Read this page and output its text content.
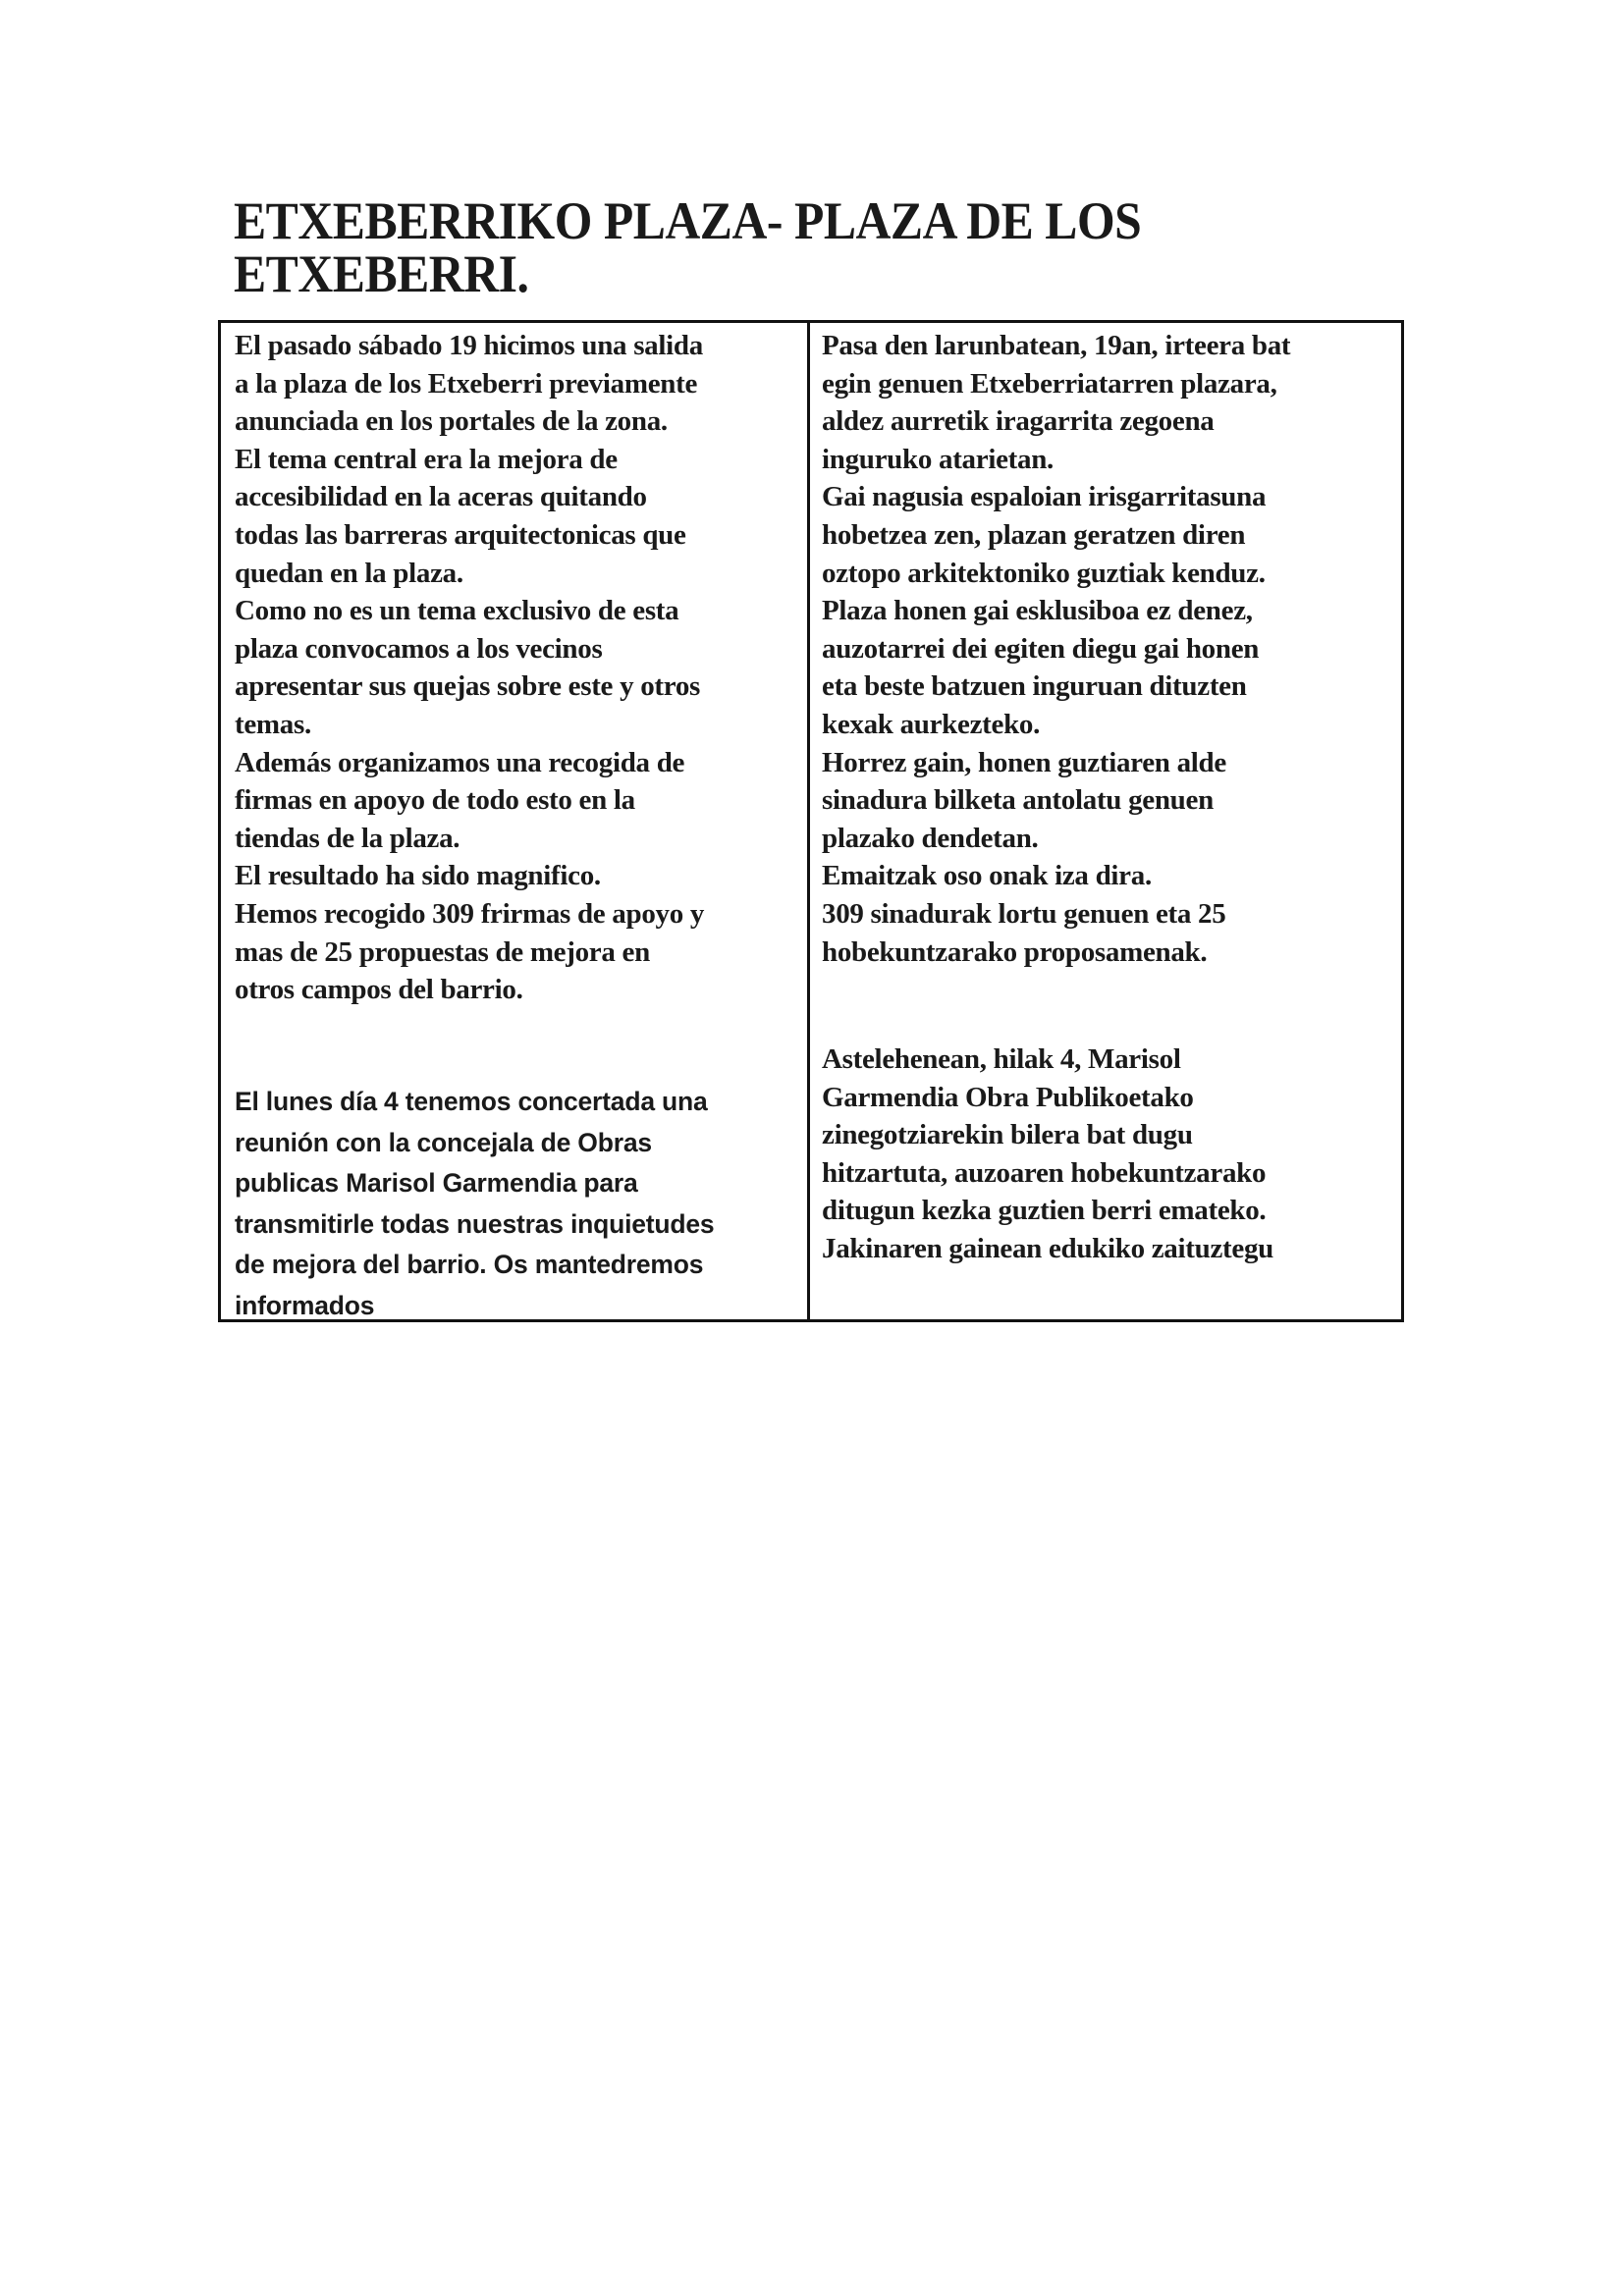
ETXEBERRIKO PLAZA- PLAZA DE LOS
ETXEBERRI.

El pasado sábado 19 hicimos una salida
a la plaza de los Etxeberri previamente
anunciada en los portales de la zona.
El tema central era la mejora de
accesibilidad en la aceras quitando
todas las barreras arquitectonicas que
quedan en la plaza.
Como no es un tema exclusivo de esta
plaza convocamos a los vecinos
apresentar sus quejas sobre este y otros
temas.
Además organizamos una recogida de
firmas en apoyo de todo esto en la
tiendas de la plaza.
El resultado ha sido magnifico.
Hemos recogido 309 frirmas de apoyo y
mas de 25 propuestas de mejora en
otros campos del barrio.

El lunes día 4 tenemos concertada una
reunión con la concejala de Obras
publicas Marisol Garmendia para
transmitirle todas nuestras inquietudes
de mejora del barrio. Os mantedremos
informados

Pasa den larunbatean, 19an, irteera bat
egin genuen Etxeberriatarren plazara,
aldez aurretik iragarrita zegoena
inguruko atarietan.
Gai nagusia espaloian irisgarritasuna
hobetzea zen, plazan geratzen diren
oztopo arkitektoniko guztiak kenduz.
Plaza honen gai esklusiboa ez denez,
auzotarrei dei egiten diegu gai honen
eta beste batzuen inguruan dituzten
kexak aurkezteko.
Horrez gain, honen guztiaren alde
sinadura bilketa antolatu genuen
plazako dendetan.
Emaitzak oso onak iza dira.
309 sinadurak lortu genuen eta 25
hobekuntzarako proposamenak.

Astelehenean, hilak 4, Marisol
Garmendia Obra Publikoetako
zinegotziarekin bilera bat dugu
hitzartuta, auzoaren hobekuntzarako
ditugun kezka guztien berri emateko.
Jakinaren gainean edukiko zaituztegu
